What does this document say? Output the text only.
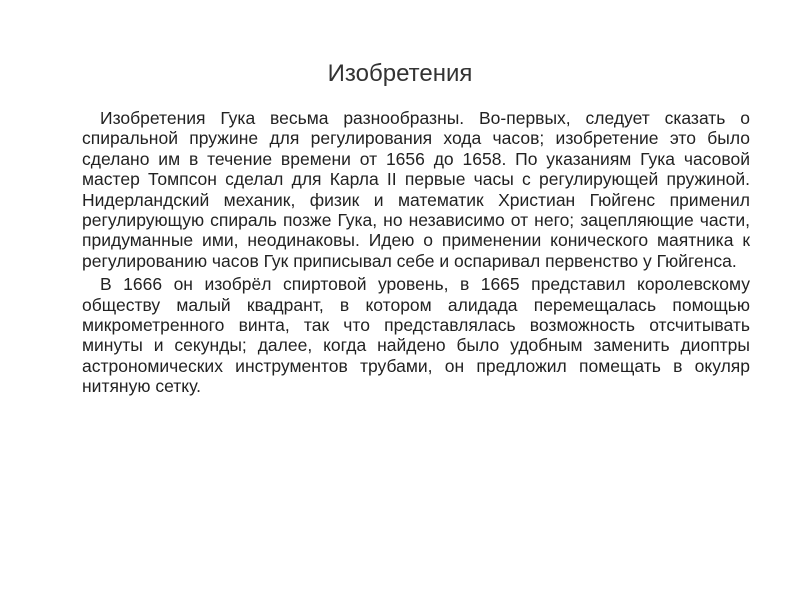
Изобретения

Изобретения Гука весьма разнообразны. Во-первых, следует сказать о спиральной пружине для регулирования хода часов; изобретение это было сделано им в течение времени от 1656 до 1658. По указаниям Гука часовой мастер Томпсон сделал для Карла II первые часы с регулирующей пружиной. Нидерландский механик, физик и математик Христиан Гюйгенс применил регулирующую спираль позже Гука, но независимо от него; зацепляющие части, придуманные ими, неодинаковы. Идею о применении конического маятника к регулированию часов Гук приписывал себе и оспаривал первенство у Гюйгенса.

В 1666 он изобрёл спиртовой уровень, в 1665 представил королевскому обществу малый квадрант, в котором алидада перемещалась помощью микрометренного винта, так что представлялась возможность отсчитывать минуты и секунды; далее, когда найдено было удобным заменить диоптры астрономических инструментов трубами, он предложил помещать в окуляр нитяную сетку.
